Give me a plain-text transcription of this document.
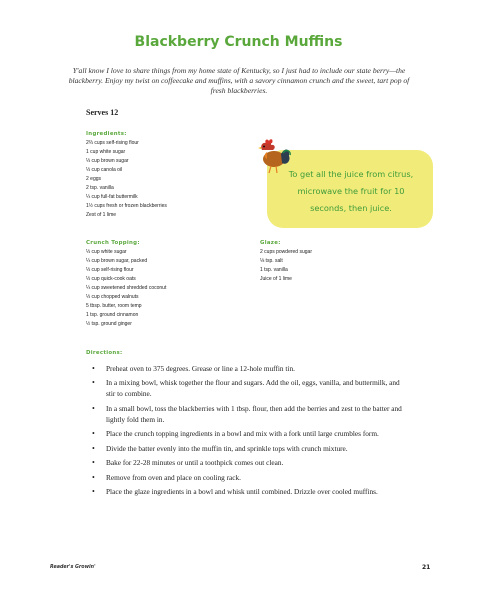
Blackberry Crunch Muffins
Y'all know I love to share things from my home state of Kentucky, so I just had to include our state berry—the blackberry. Enjoy my twist on coffeecake and muffins, with a savory cinnamon crunch and the sweet, tart pop of fresh blackberries.
Serves 12
Ingredients:
2⅔ cups self-rising flour
1 cup white sugar
⅓ cup brown sugar
⅓ cup canola oil
2 eggs
2 tsp. vanilla
¼ cup full-fat buttermilk
1½ cups fresh or frozen blackberries
Zest of 1 lime
To get all the juice from citrus,
microwave the fruit for 10
seconds, then juice.
Crunch Topping:
⅓ cup white sugar
¼ cup brown sugar, packed
⅓ cup self-rising flour
⅓ cup quick-cook oats
¼ cup sweetened shredded coconut
⅓ cup chopped walnuts
5 tbsp. butter, room temp
1 tsp. ground cinnamon
½ tsp. ground ginger
Glaze:
2 cups powdered sugar
⅛ tsp. salt
1 tsp. vanilla
Juice of 1 lime
Directions:
• Preheat oven to 375 degrees. Grease or line a 12-hole muffin tin.
• In a mixing bowl, whisk together the flour and sugars. Add the oil, eggs, vanilla, and buttermilk, and stir to combine.
• In a small bowl, toss the blackberries with 1 tbsp. flour, then add the berries and zest to the batter and lightly fold them in.
• Place the crunch topping ingredients in a bowl and mix with a fork until large crumbles form.
• Divide the batter evenly into the muffin tin, and sprinkle tops with crunch mixture.
• Bake for 22-28 minutes or until a toothpick comes out clean.
• Remove from oven and place on cooling rack.
• Place the glaze ingredients in a bowl and whisk until combined. Drizzle over cooled muffins.
Reader's Growin'	21
